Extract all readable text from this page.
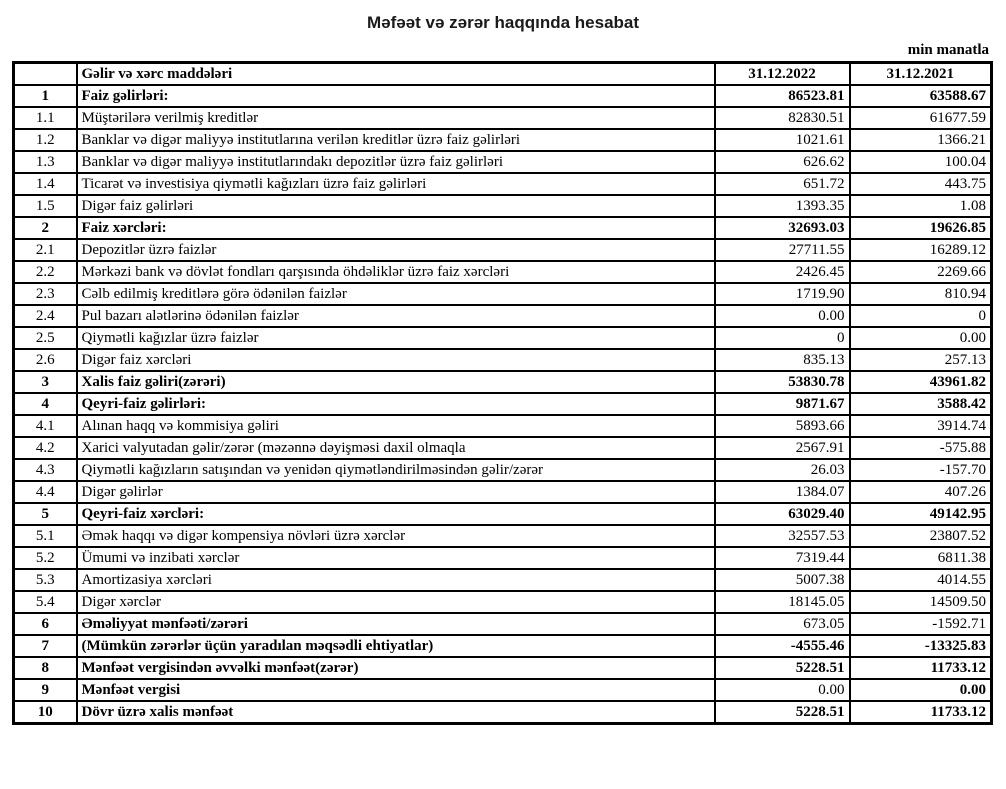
Məfəət və zərər haqqında hesabat
min manatla
	Gəlir və xərc maddələri	31.12.2022	31.12.2021
1	Faiz gəlirləri:	86523.81	63588.67
1.1	Müştərilərə verilmiş kreditlər	82830.51	61677.59
1.2	Banklar və digər maliyyə institutlarına verilən kreditlər üzrə faiz gəlirləri	1021.61	1366.21
1.3	Banklar və digər maliyyə institutlarındakı depozitlər üzrə faiz gəlirləri	626.62	100.04
1.4	Ticarət və investisiya qiymətli kağızları üzrə faiz gəlirləri	651.72	443.75
1.5	Digər faiz gəlirləri	1393.35	1.08
2	Faiz xərcləri:	32693.03	19626.85
2.1	Depozitlər üzrə faizlər	27711.55	16289.12
2.2	Mərkəzi bank və dövlət fondları qarşısında öhdəliklər üzrə faiz xərcləri	2426.45	2269.66
2.3	Cəlb edilmiş kreditlərə görə ödənilən faizlər	1719.90	810.94
2.4	Pul bazarı alətlərinə ödənilən faizlər	0.00	0
2.5	Qiymətli kağızlar üzrə faizlər	0	0.00
2.6	Digər faiz xərcləri	835.13	257.13
3	Xalis faiz gəliri(zərəri)	53830.78	43961.82
4	Qeyri-faiz gəlirləri:	9871.67	3588.42
4.1	Alınan haqq və kommisiya gəliri	5893.66	3914.74
4.2	Xarici valyutadan gəlir/zərər (məzənnə dəyişməsi daxil olmaqla	2567.91	-575.88
4.3	Qiymətli kağızların satışından və yenidən qiymətləndirilməsindən gəlir/zərər	26.03	-157.70
4.4	Digər gəlirlər	1384.07	407.26
5	Qeyri-faiz xərcləri:	63029.40	49142.95
5.1	Əmək haqqı və digər kompensiya növləri üzrə xərclər	32557.53	23807.52
5.2	Ümumi və inzibati xərclər	7319.44	6811.38
5.3	Amortizasiya xərcləri	5007.38	4014.55
5.4	Digər xərclər	18145.05	14509.50
6	Əməliyyat mənfəəti/zərəri	673.05	-1592.71
7	(Mümkün zərərlər üçün yaradılan məqsədli ehtiyatlar)	-4555.46	-13325.83
8	Mənfəət vergisindən əvvəlki mənfəət(zərər)	5228.51	11733.12
9	Mənfəət vergisi	0.00	0.00
10	Dövr üzrə xalis mənfəət	5228.51	11733.12
